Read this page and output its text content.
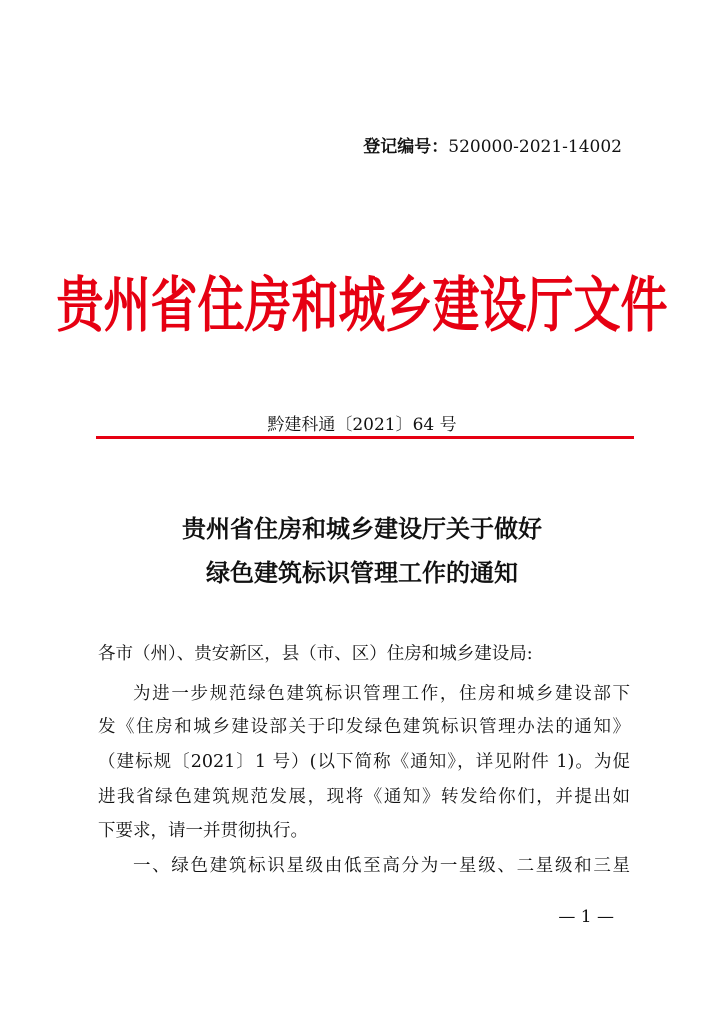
登记编号：520000-2021-14002
贵州省住房和城乡建设厅文件
黔建科通〔2021〕64 号
贵州省住房和城乡建设厅关于做好
绿色建筑标识管理工作的通知
各市（州）、贵安新区，县（市、区）住房和城乡建设局:
为进一步规范绿色建筑标识管理工作，住房和城乡建设部下
发《住房和城乡建设部关于印发绿色建筑标识管理办法的通知》
（建标规〔2021〕1 号）(以下简称《通知》，详见附件 1)。为促
进我省绿色建筑规范发展，现将《通知》转发给你们，并提出如
下要求，请一并贯彻执行。
一、绿色建筑标识星级由低至高分为一星级、二星级和三星
— 1 —
